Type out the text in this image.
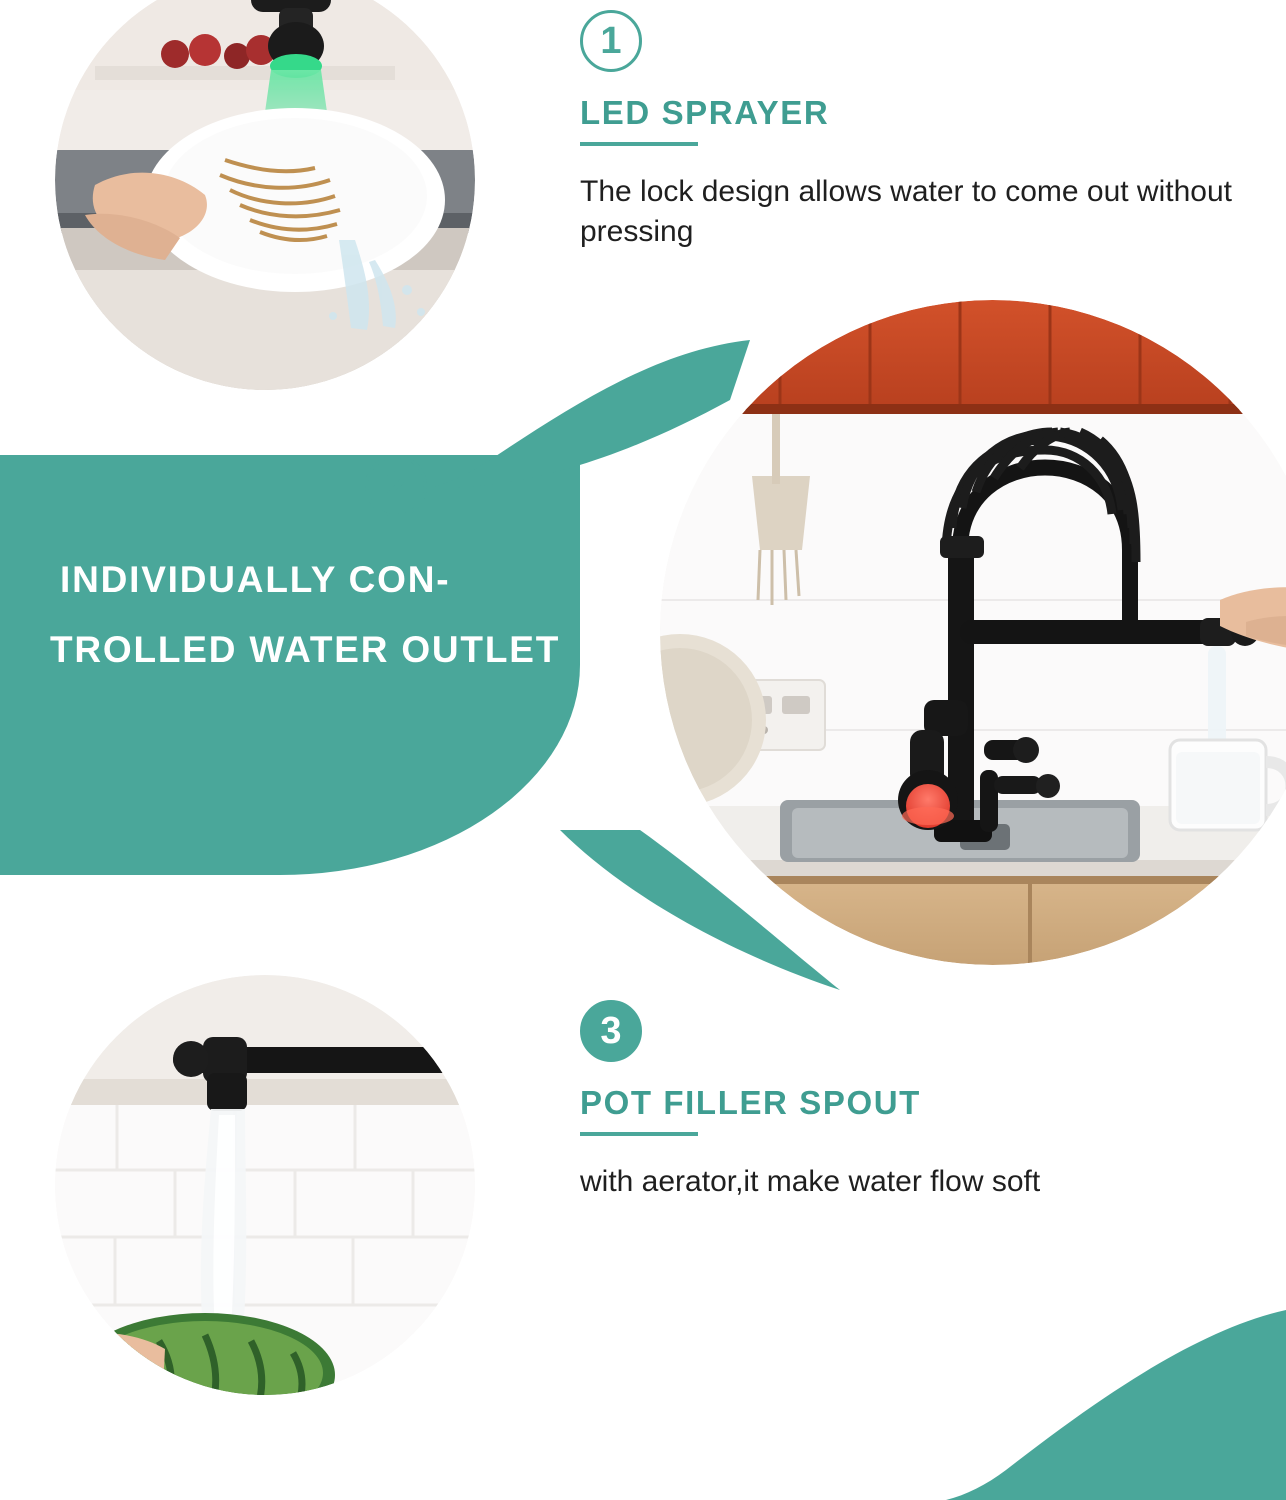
1
LED SPRAYER
The lock design allows water to come out without pressing
2
INDIVIDUALLY CON-
TROLLED WATER OUTLET
3
POT FILLER SPOUT
with aerator,it make water flow soft
